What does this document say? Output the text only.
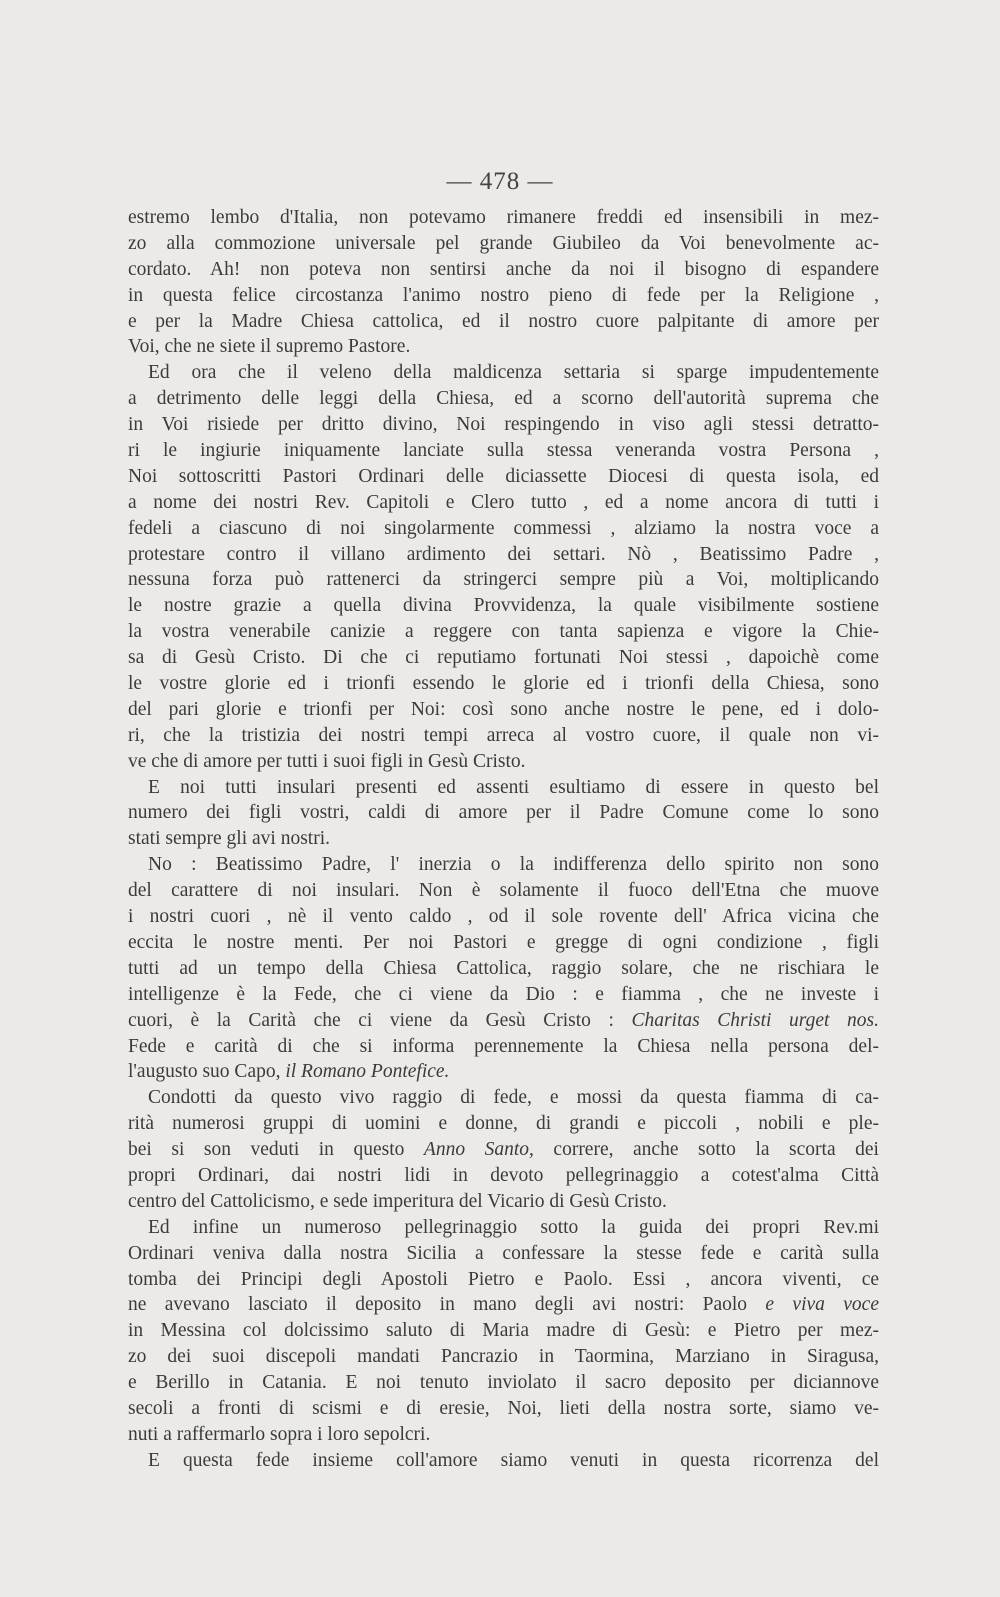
— 478 —
estremo lembo d'Italia, non potevamo rimanere freddi ed insensibili in mez-
zo alla commozione universale pel grande Giubileo da Voi benevolmente ac-
cordato. Ah! non poteva non sentirsi anche da noi il bisogno di espandere
in questa felice circostanza l'animo nostro pieno di fede per la Religione ,
e per la Madre Chiesa cattolica, ed il nostro cuore palpitante di amore per
Voi, che ne siete il supremo Pastore.
Ed ora che il veleno della maldicenza settaria si sparge impudentemente
a detrimento delle leggi della Chiesa, ed a scorno dell'autorità suprema che
in Voi risiede per dritto divino, Noi respingendo in viso agli stessi detratto-
ri le ingiurie iniquamente lanciate sulla stessa veneranda vostra Persona ,
Noi sottoscritti Pastori Ordinari delle diciassette Diocesi di questa isola, ed
a nome dei nostri Rev. Capitoli e Clero tutto , ed a nome ancora di tutti i
fedeli a ciascuno di noi singolarmente commessi , alziamo la nostra voce a
protestare contro il villano ardimento dei settari. Nò , Beatissimo Padre ,
nessuna forza può rattenerci da stringerci sempre più a Voi, moltiplicando
le nostre grazie a quella divina Provvidenza, la quale visibilmente sostiene
la vostra venerabile canizie a reggere con tanta sapienza e vigore la Chie-
sa di Gesù Cristo. Di che ci reputiamo fortunati Noi stessi , dapoichè come
le vostre glorie ed i trionfi essendo le glorie ed i trionfi della Chiesa, sono
del pari glorie e trionfi per Noi: così sono anche nostre le pene, ed i dolo-
ri, che la tristizia dei nostri tempi arreca al vostro cuore, il quale non vi-
ve che di amore per tutti i suoi figli in Gesù Cristo.
E noi tutti insulari presenti ed assenti esultiamo di essere in questo bel
numero dei figli vostri, caldi di amore per il Padre Comune come lo sono
stati sempre gli avi nostri.
No : Beatissimo Padre, l' inerzia o la indifferenza dello spirito non sono
del carattere di noi insulari. Non è solamente il fuoco dell'Etna che muove
i nostri cuori , nè il vento caldo , od il sole rovente dell' Africa vicina che
eccita le nostre menti. Per noi Pastori e gregge di ogni condizione , figli
tutti ad un tempo della Chiesa Cattolica, raggio solare, che ne rischiara le
intelligenze è la Fede, che ci viene da Dio : e fiamma , che ne investe i
cuori, è la Carità che ci viene da Gesù Cristo : Charitas Christi urget nos.
Fede e carità di che si informa perennemente la Chiesa nella persona del-
l'augusto suo Capo, il Romano Pontefice.
Condotti da questo vivo raggio di fede, e mossi da questa fiamma di ca-
rità numerosi gruppi di uomini e donne, di grandi e piccoli , nobili e ple-
bei si son veduti in questo Anno Santo, correre, anche sotto la scorta dei
propri Ordinari, dai nostri lidi in devoto pellegrinaggio a cotest'alma Città
centro del Cattolicismo, e sede imperitura del Vicario di Gesù Cristo.
Ed infine un numeroso pellegrinaggio sotto la guida dei propri Rev.mi
Ordinari veniva dalla nostra Sicilia a confessare la stesse fede e carità sulla
tomba dei Principi degli Apostoli Pietro e Paolo. Essi , ancora viventi, ce
ne avevano lasciato il deposito in mano degli avi nostri: Paolo e viva voce
in Messina col dolcissimo saluto di Maria madre di Gesù: e Pietro per mez-
zo dei suoi discepoli mandati Pancrazio in Taormina, Marziano in Siragusa,
e Berillo in Catania. E noi tenuto inviolato il sacro deposito per diciannove
secoli a fronti di scismi e di eresie, Noi, lieti della nostra sorte, siamo ve-
nuti a raffermarlo sopra i loro sepolcri.
E questa fede insieme coll'amore siamo venuti in questa ricorrenza del
